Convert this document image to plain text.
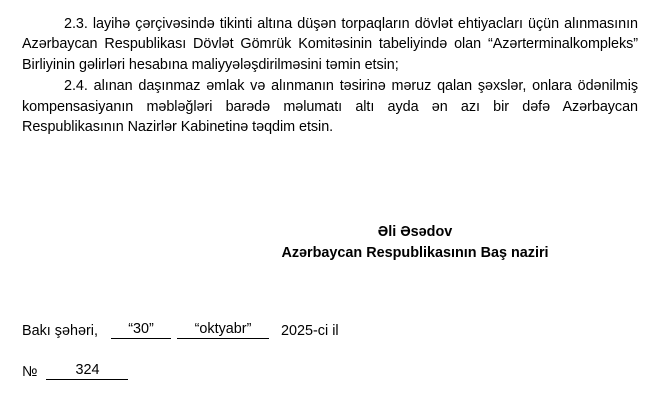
2.3. layihə çərçivəsində tikinti altına düşən torpaqların dövlət ehtiyacları üçün alınmasının Azərbaycan Respublikası Dövlət Gömrük Komitəsinin tabeliyində olan “Azərterminalkompleks” Birliyinin gəlirləri hesabına maliyyələşdirilməsini təmin etsin;

2.4. alınan daşınmaz əmlak və alınmanın təsirinə məruz qalan şəxslər, onlara ödənilmiş kompensasiyanın məbləğləri barədə məlumatı altı ayda ən azı bir dəfə Azərbaycan Respublikasının Nazirlər Kabinetinə təqdim etsin.

Əli Əsədov
Azərbaycan Respublikasının Baş naziri
Bakı şəhəri,	“30”	“oktyabr”	2025-ci il
№	324
